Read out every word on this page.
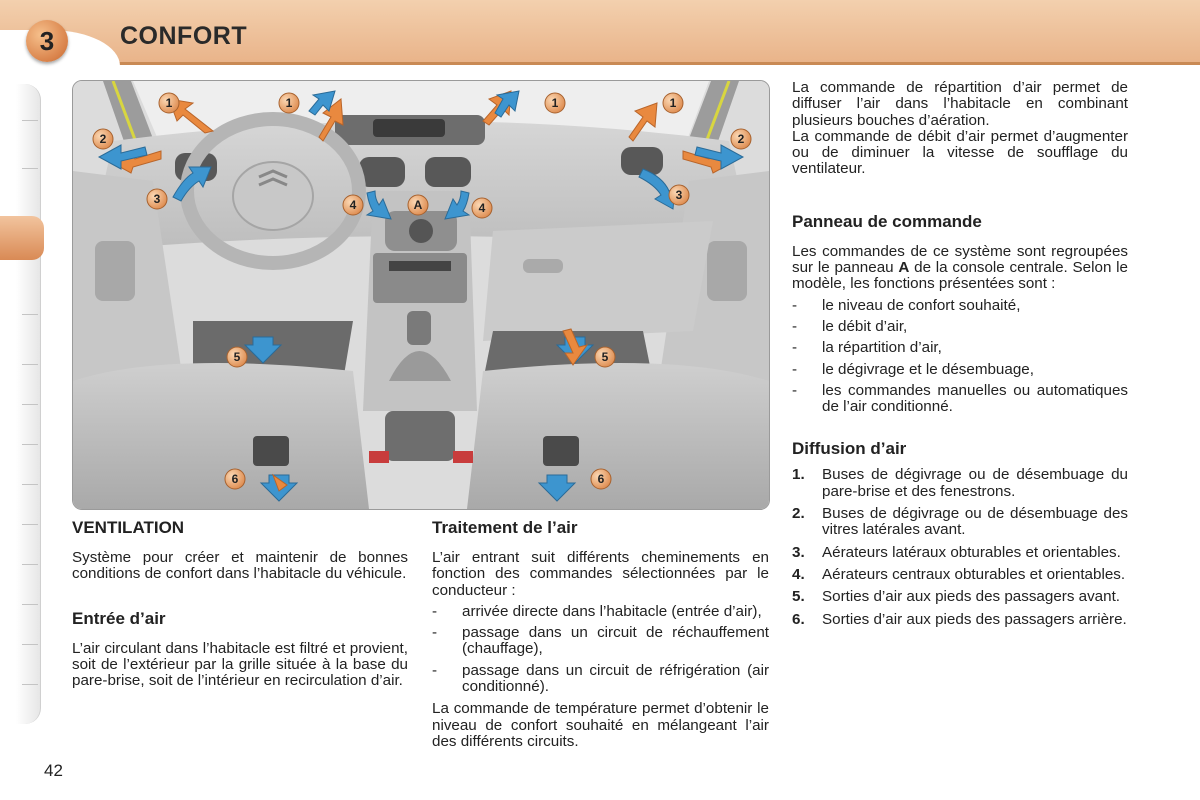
3	CONFORT
1	1	1	1
2	2
3	3
4	A	4
5	5
6	6
VENTILATION

Système pour créer et maintenir de bonnes conditions de confort dans l’habitacle du véhicule.

Entrée d’air

L’air circulant dans l’habitacle est filtré et provient, soit de l’extérieur par la grille située à la base du pare-brise, soit de l’intérieur en recirculation d’air.

Traitement de l’air

L’air entrant suit différents cheminements en fonction des commandes sélectionnées par le conducteur :

-	arrivée directe dans l’habitacle (entrée d’air),
-	passage dans un circuit de réchauffement (chauffage),
-	passage dans un circuit de réfrigération (air conditionné).

La commande de température permet d’obtenir le niveau de confort souhaité en mélangeant l’air des différents circuits.

La commande de répartition d’air permet de diffuser l’air dans l’habitacle en combinant plusieurs bouches d’aération.

La commande de débit d’air permet d’augmenter ou de diminuer la vitesse de soufflage du ventilateur.

Panneau de commande

Les commandes de ce système sont regroupées sur le panneau A de la console centrale. Selon le modèle, les fonctions présentées sont :

-	le niveau de confort souhaité,
-	le débit d’air,
-	la répartition d’air,
-	le dégivrage et le désembuage,
-	les commandes manuelles ou automatiques de l’air conditionné.
Diffusion d’air
1.	Buses de dégivrage ou de désembuage du pare-brise et des fenestrons.
2.	Buses de dégivrage ou de désembuage des vitres latérales avant.
3.	Aérateurs latéraux obturables et orientables.
4.	Aérateurs centraux obturables et orientables.
5.	Sorties d’air aux pieds des passagers avant.
6.	Sorties d’air aux pieds des passagers arrière.
42
